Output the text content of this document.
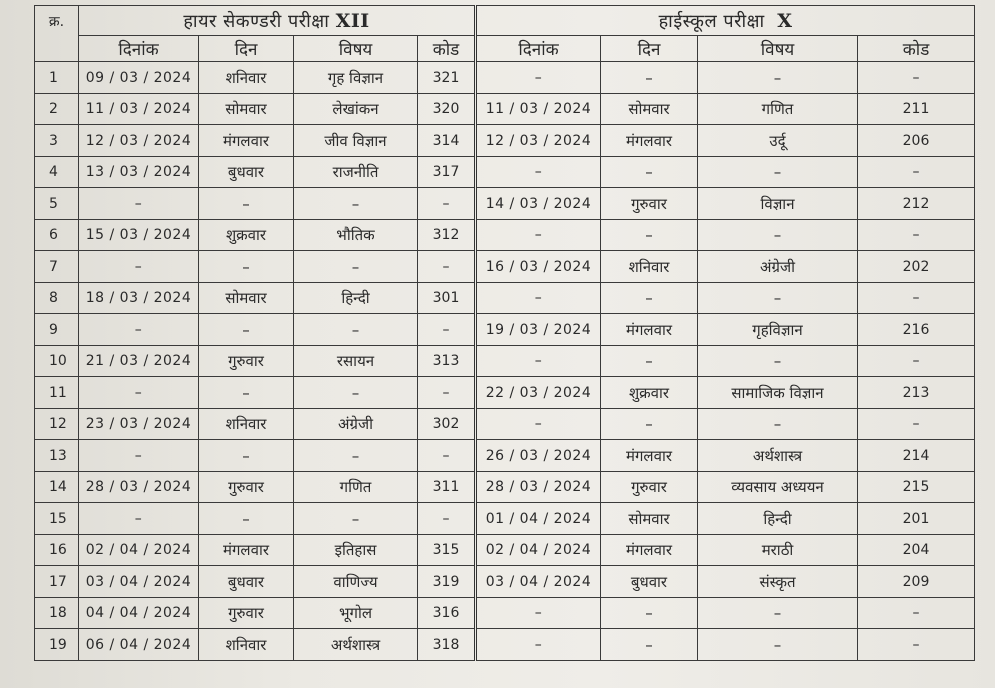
क्र.	हायर सेकण्डरी परीक्षा XII				हाईस्कूल परीक्षा X			
	दिनांक	दिन	विषय	कोड	दिनांक	दिन	विषय	कोड
1	09 / 03 / 2024	शनिवार	गृह विज्ञान	321	–	–	–	–
2	11 / 03 / 2024	सोमवार	लेखांकन	320	11 / 03 / 2024	सोमवार	गणित	211
3	12 / 03 / 2024	मंगलवार	जीव विज्ञान	314	12 / 03 / 2024	मंगलवार	उर्दू	206
4	13 / 03 / 2024	बुधवार	राजनीति	317	–	–	–	–
5	–	–	–	–	14 / 03 / 2024	गुरुवार	विज्ञान	212
6	15 / 03 / 2024	शुक्रवार	भौतिक	312	–	–	–	–
7	–	–	–	–	16 / 03 / 2024	शनिवार	अंग्रेजी	202
8	18 / 03 / 2024	सोमवार	हिन्दी	301	–	–	–	–
9	–	–	–	–	19 / 03 / 2024	मंगलवार	गृहविज्ञान	216
10	21 / 03 / 2024	गुरुवार	रसायन	313	–	–	–	–
11	–	–	–	–	22 / 03 / 2024	शुक्रवार	सामाजिक विज्ञान	213
12	23 / 03 / 2024	शनिवार	अंग्रेजी	302	–	–	–	–
13	–	–	–	–	26 / 03 / 2024	मंगलवार	अर्थशास्त्र	214
14	28 / 03 / 2024	गुरुवार	गणित	311	28 / 03 / 2024	गुरुवार	व्यवसाय अध्ययन	215
15	–	–	–	–	01 / 04 / 2024	सोमवार	हिन्दी	201
16	02 / 04 / 2024	मंगलवार	इतिहास	315	02 / 04 / 2024	मंगलवार	मराठी	204
17	03 / 04 / 2024	बुधवार	वाणिज्य	319	03 / 04 / 2024	बुधवार	संस्कृत	209
18	04 / 04 / 2024	गुरुवार	भूगोल	316	–	–	–	–
19	06 / 04 / 2024	शनिवार	अर्थशास्त्र	318	–	–	–	–
